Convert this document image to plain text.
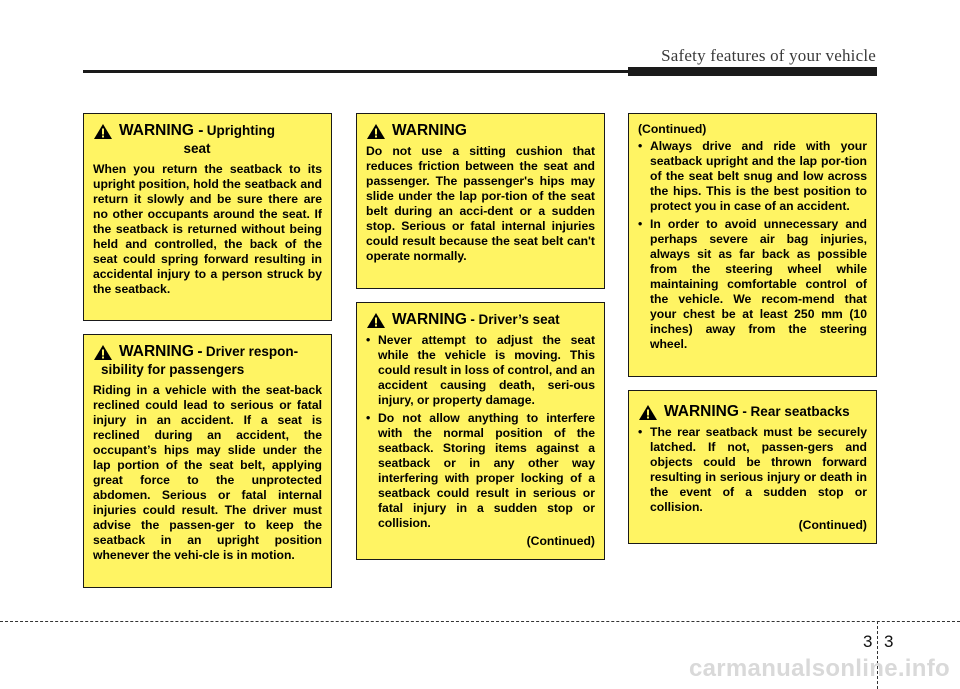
Safety features of your vehicle
WARNING - Uprighting
seat

When you return the seatback to its upright position, hold the seatback and return it slowly and be sure there are no other occupants around the seat. If the seatback is returned without being held and controlled, the back of the seat could spring forward resulting in accidental injury to a person struck by the seatback.

WARNING - Driver respon-
sibility for passengers

Riding in a vehicle with the seat-back reclined could lead to serious or fatal injury in an accident. If a seat is reclined during an accident, the occupant’s hips may slide under the lap portion of the seat belt, applying great force to the unprotected abdomen. Serious or fatal internal injuries could result. The driver must advise the passen-ger to keep the seatback in an upright position whenever the vehi-cle is in motion.

WARNING

Do not use a sitting cushion that reduces friction between the seat and passenger. The passenger's hips may slide under the lap por-tion of the seat belt during an acci-dent or a sudden stop. Serious or fatal internal injuries could result because the seat belt can't operate normally.

WARNING - Driver’s seat
• Never attempt to adjust the seat while the vehicle is moving. This could result in loss of control, and an accident causing death, seri-ous injury, or property damage.
• Do not allow anything to interfere with the normal position of the seatback. Storing items against a seatback or in any other way interfering with proper locking of a seatback could result in serious or fatal injury in a sudden stop or collision.
(Continued)
(Continued)
• Always drive and ride with your seatback upright and the lap por-tion of the seat belt snug and low across the hips. This is the best position to protect you in case of an accident.
• In order to avoid unnecessary and perhaps severe air bag injuries, always sit as far back as possible from the steering wheel while maintaining comfortable control of the vehicle. We recom-mend that your chest be at least 250 mm (10 inches) away from the steering wheel.
WARNING - Rear seatbacks
• The rear seatback must be securely latched. If not, passen-gers and objects could be thrown forward resulting in serious injury or death in the event of a sudden stop or collision.
(Continued)
3 3
carmanualsonline.info
